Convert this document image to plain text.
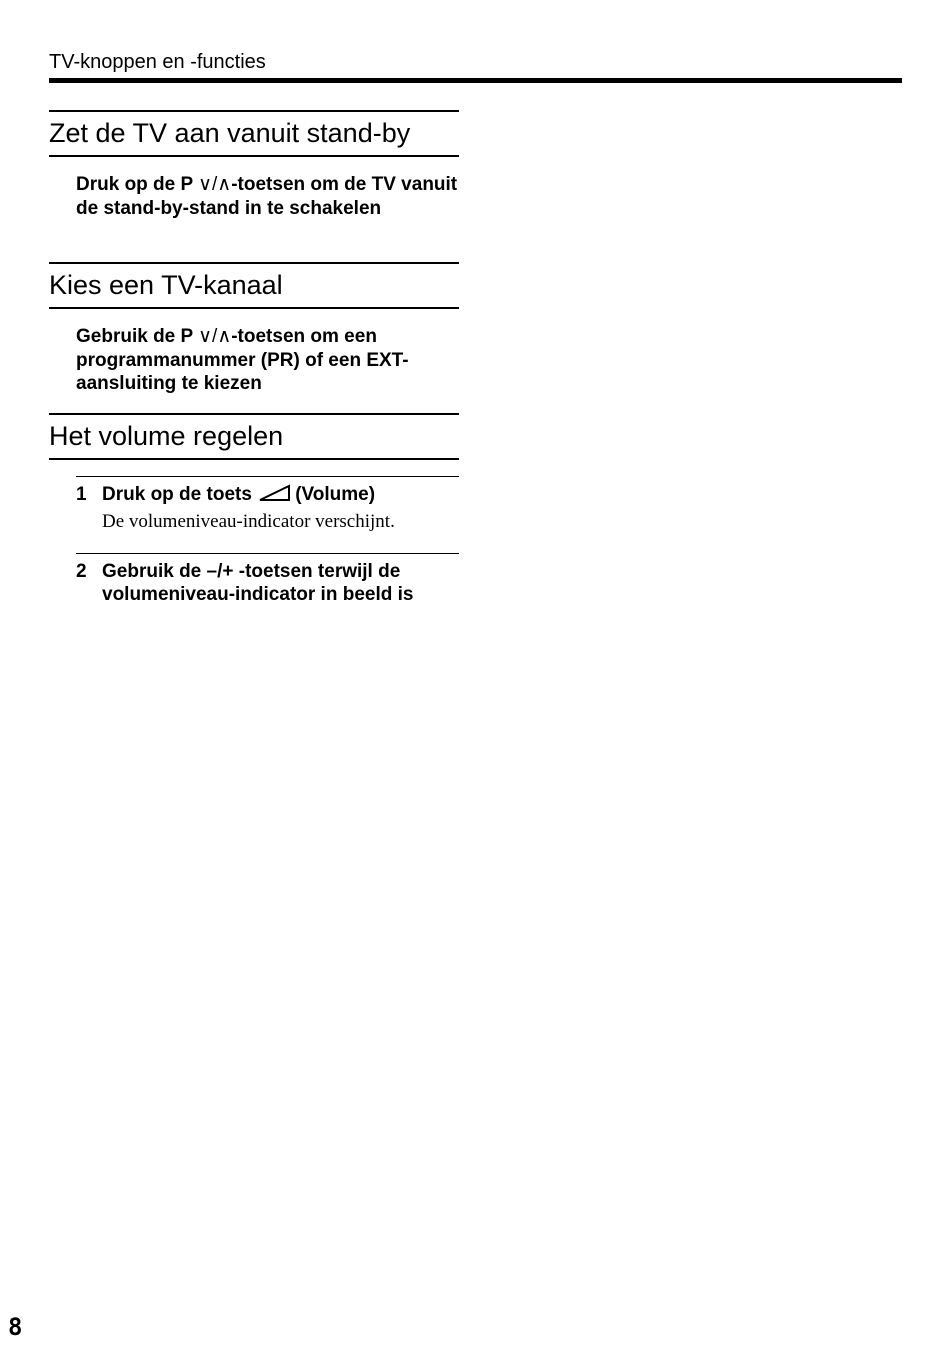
TV-knoppen en -functies
Zet de TV aan vanuit stand-by
Druk op de P ∨/∧-toetsen om de TV vanuit de stand-by-stand in te schakelen
Kies een TV-kanaal
Gebruik de P ∨/∧-toetsen om een programmanummer (PR) of een EXT-aansluiting te kiezen
Het volume regelen
1 Druk op de toets (Volume)
De volumeniveau-indicator verschijnt.
2 Gebruik de –/+ -toetsen terwijl de volumeniveau-indicator in beeld is
8
